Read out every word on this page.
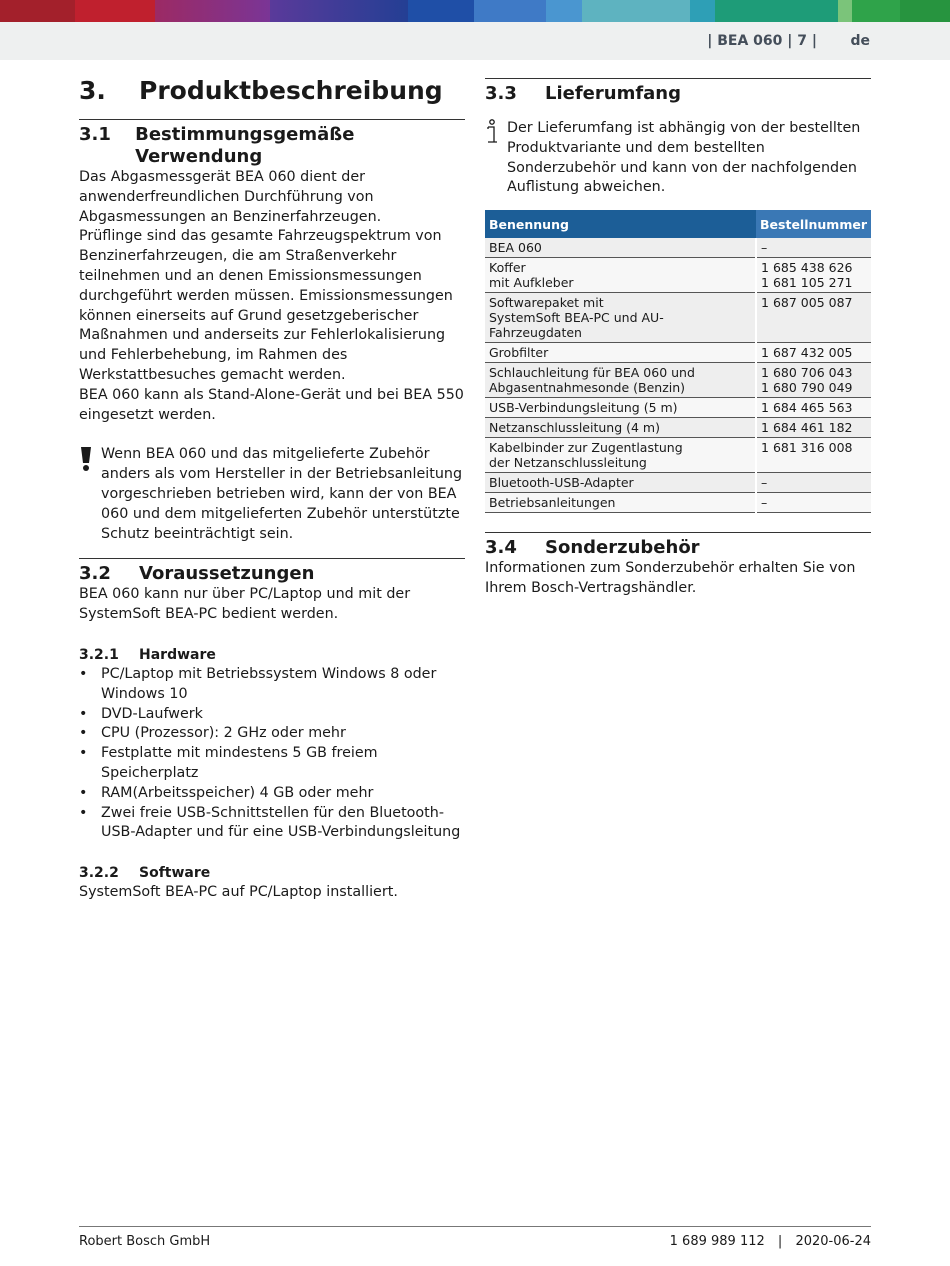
| BEA 060 | 7 | de
3.	Produktbeschreibung
3.1	Bestimmungsgemäße Verwendung

Das Abgasmessgerät BEA 060 dient der anwenderfreundlichen Durchführung von Abgasmessungen an Benzinerfahrzeugen.
Prüflinge sind das gesamte Fahrzeugspektrum von Benzinerfahrzeugen, die am Straßenverkehr teilnehmen und an denen Emissionsmessungen durchgeführt werden müssen. Emissionsmessungen können einerseits auf Grund gesetzgeberischer Maßnahmen und anderseits zur Fehlerlokalisierung und Fehlerbehebung, im Rahmen des Werkstattbesuches gemacht werden.
BEA 060 kann als Stand-Alone-Gerät und bei BEA 550 eingesetzt werden.

Wenn BEA 060 und das mitgelieferte Zubehör anders als vom Hersteller in der Betriebsanleitung vorgeschrieben betrieben wird, kann der von BEA 060 und dem mitgelieferten Zubehör unterstützte Schutz beeinträchtigt sein.

3.2	Voraussetzungen

BEA 060 kann nur über PC/Laptop und mit der SystemSoft BEA-PC bedient werden.

3.2.1	Hardware
• PC/Laptop mit Betriebssystem Windows 8 oder Windows 10
• DVD-Laufwerk
• CPU (Prozessor): 2 GHz oder mehr
• Festplatte mit mindestens 5 GB freiem Speicherplatz
• RAM(Arbeitsspeicher) 4 GB oder mehr
• Zwei freie USB-Schnittstellen für den Bluetooth-USB-Adapter und für eine USB-Verbindungsleitung
3.2.2	Software

SystemSoft BEA-PC auf PC/Laptop installiert.

3.3	Lieferumfang

Der Lieferumfang ist abhängig von der bestellten Produktvariante und dem bestellten Sonderzubehör und kann von der nachfolgenden Auflistung abweichen.

Benennung	Bestellnummer
BEA 060	–
Koffer
mit Aufkleber	1 685 438 626
1 681 105 271
Softwarepaket mit
SystemSoft BEA-PC und AU-Fahrzeugdaten	1 687 005 087
Grobfilter	1 687 432 005
Schlauchleitung für BEA 060 und
Abgasentnahmesonde (Benzin)	1 680 706 043
1 680 790 049
USB-Verbindungsleitung (5 m)	1 684 465 563
Netzanschlussleitung (4 m)	1 684 461 182
Kabelbinder zur Zugentlastung
der Netzanschlussleitung	1 681 316 008
Bluetooth-USB-Adapter	–
Betriebsanleitungen	–
3.4	Sonderzubehör

Informationen zum Sonderzubehör erhalten Sie von Ihrem Bosch-Vertragshändler.

Robert Bosch GmbH	1 689 989 112 | 2020-06-24
